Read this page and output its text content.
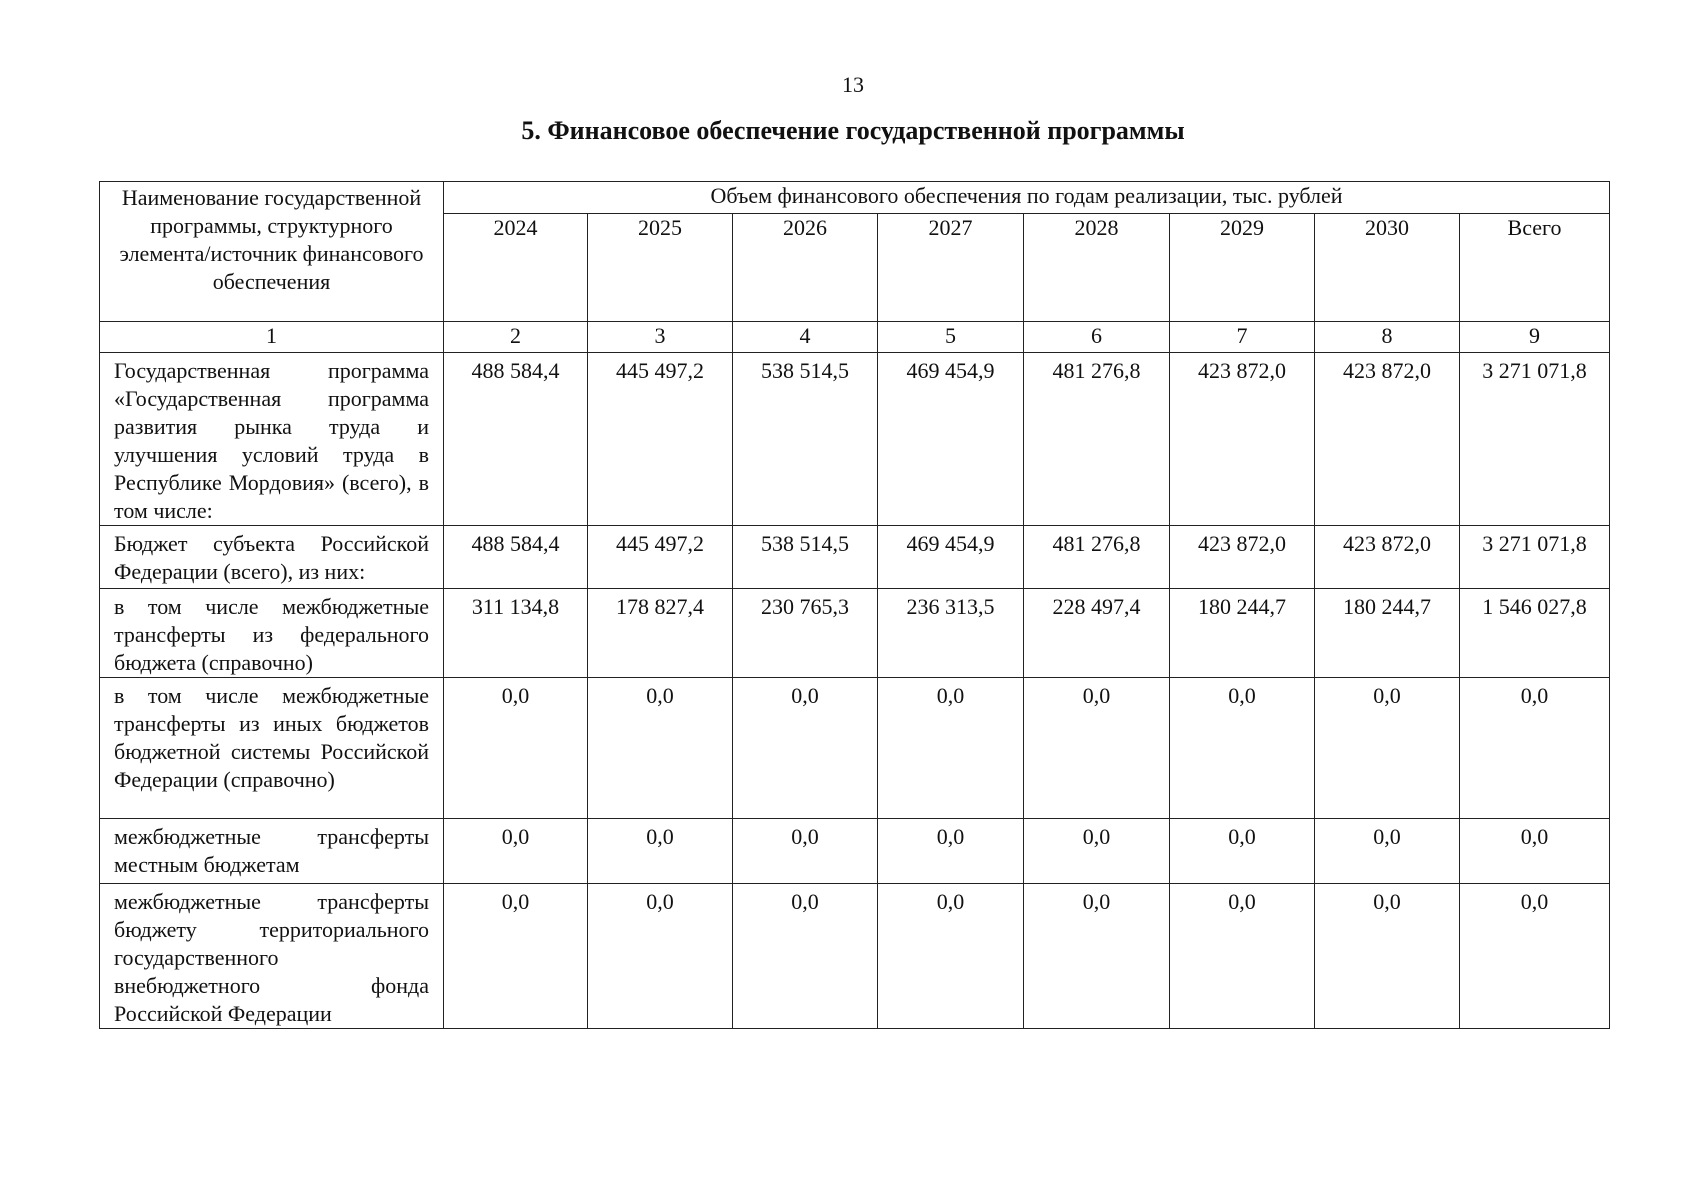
13
5. Финансовое обеспечение государственной программы
Наименование государственной программы, структурного элемента/источник финансового обеспечения	Объем финансового обеспечения по годам реализации, тыс. рублей							
	2024	2025	2026	2027	2028	2029	2030	Всего
1	2	3	4	5	6	7	8	9
Государственная программа «Государственная программа развития рынка труда и улучшения условий труда в Республике Мордовия» (всего), в том числе:	488 584,4	445 497,2	538 514,5	469 454,9	481 276,8	423 872,0	423 872,0	3 271 071,8
Бюджет субъекта Российской Федерации (всего), из них:	488 584,4	445 497,2	538 514,5	469 454,9	481 276,8	423 872,0	423 872,0	3 271 071,8
в том числе межбюджетные трансферты из федерального бюджета (справочно)	311 134,8	178 827,4	230 765,3	236 313,5	228 497,4	180 244,7	180 244,7	1 546 027,8
в том числе межбюджетные трансферты из иных бюджетов бюджетной системы Российской Федерации (справочно)	0,0	0,0	0,0	0,0	0,0	0,0	0,0	0,0
межбюджетные трансферты местным бюджетам	0,0	0,0	0,0	0,0	0,0	0,0	0,0	0,0
межбюджетные трансферты бюджету территориального государственного внебюджетного фонда Российской Федерации	0,0	0,0	0,0	0,0	0,0	0,0	0,0	0,0
